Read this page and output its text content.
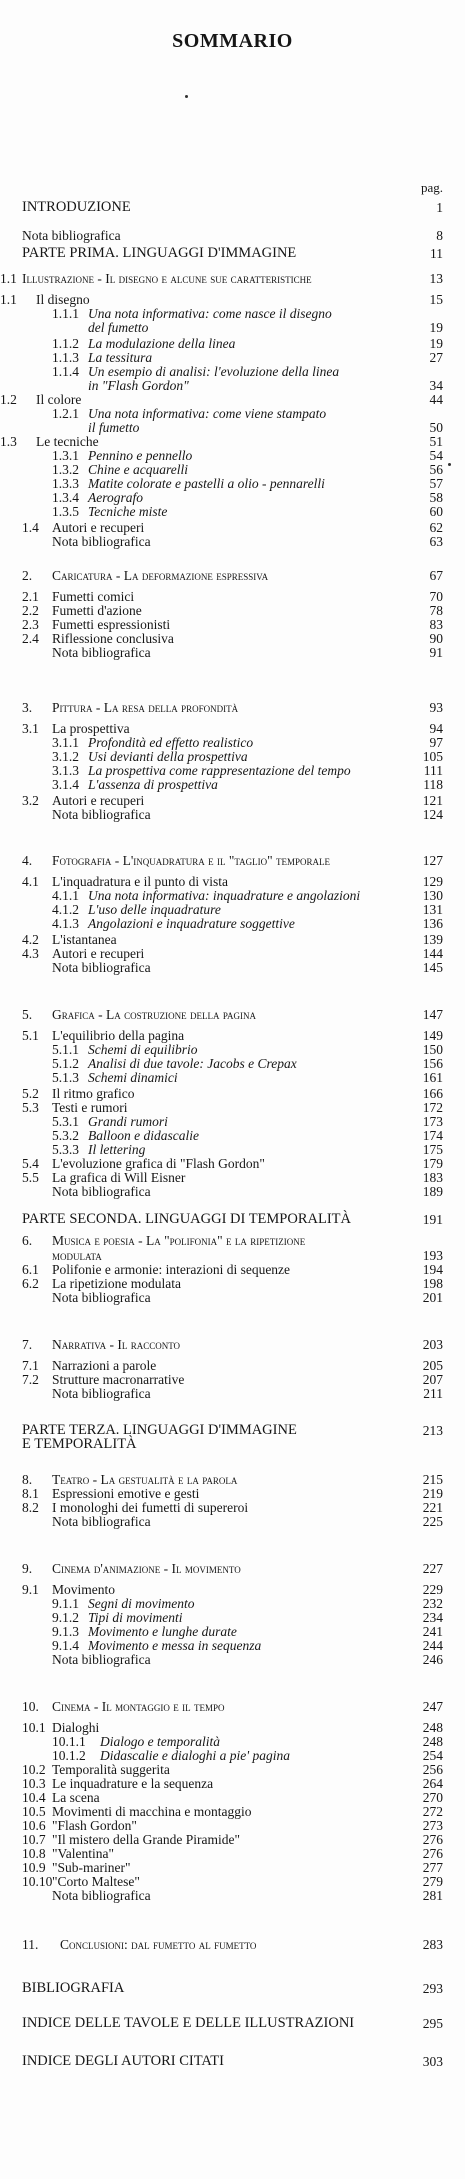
SOMMARIO
pag.
INTRODUZIONE	1
Nota bibliografica	8
PARTE PRIMA. LINGUAGGI D'IMMAGINE	11
1.1 Illustrazione - Il disegno e alcune sue caratteristiche	13
1.1 Il disegno	15
1.1.1 Una nota informativa: come nasce il disegno
del fumetto	19
1.1.2 La modulazione della linea	19
1.1.3 La tessitura	27
1.1.4 Un esempio di analisi: l'evoluzione della linea
in "Flash Gordon"	34
1.2 Il colore	44
1.2.1 Una nota informativa: come viene stampato
il fumetto	50
1.3 Le tecniche	51
1.3.1 Pennino e pennello	54
1.3.2 Chine e acquarelli	56
1.3.3 Matite colorate e pastelli a olio - pennarelli	57
1.3.4 Aerografo	58
1.3.5 Tecniche miste	60
1.4 Autori e recuperi	62
Nota bibliografica	63
2. Caricatura - La deformazione espressiva	67
2.1 Fumetti comici	70
2.2 Fumetti d'azione	78
2.3 Fumetti espressionisti	83
2.4 Riflessione conclusiva	90
Nota bibliografica	91
3. Pittura - La resa della profondità	93
3.1 La prospettiva	94
3.1.1 Profondità ed effetto realistico	97
3.1.2 Usi devianti della prospettiva	105
3.1.3 La prospettiva come rappresentazione del tempo	111
3.1.4 L'assenza di prospettiva	118
3.2 Autori e recuperi	121
Nota bibliografica	124
4. Fotografia - L'inquadratura e il "taglio" temporale	127
4.1 L'inquadratura e il punto di vista	129
4.1.1 Una nota informativa: inquadrature e angolazioni	130
4.1.2 L'uso delle inquadrature	131
4.1.3 Angolazioni e inquadrature soggettive	136
4.2 L'istantanea	139
4.3 Autori e recuperi	144
Nota bibliografica	145
5. Grafica - La costruzione della pagina	147
5.1 L'equilibrio della pagina	149
5.1.1 Schemi di equilibrio	150
5.1.2 Analisi di due tavole: Jacobs e Crepax	156
5.1.3 Schemi dinamici	161
5.2 Il ritmo grafico	166
5.3 Testi e rumori	172
5.3.1 Grandi rumori	173
5.3.2 Balloon e didascalie	174
5.3.3 Il lettering	175
5.4 L'evoluzione grafica di "Flash Gordon"	179
5.5 La grafica di Will Eisner	183
Nota bibliografica	189
PARTE SECONDA. LINGUAGGI DI TEMPORALITÀ	191
6. Musica e poesia - La "polifonia" e la ripetizione
modulata	193
6.1 Polifonie e armonie: interazioni di sequenze	194
6.2 La ripetizione modulata	198
Nota bibliografica	201
7. Narrativa - Il racconto	203
7.1 Narrazioni a parole	205
7.2 Strutture macronarrative	207
Nota bibliografica	211
PARTE TERZA. LINGUAGGI D'IMMAGINE	213
E TEMPORALITÀ
8. Teatro - La gestualità e la parola	215
8.1 Espressioni emotive e gesti	219
8.2 I monologhi dei fumetti di supereroi	221
Nota bibliografica	225
9. Cinema d'animazione - Il movimento	227
9.1 Movimento	229
9.1.1 Segni di movimento	232
9.1.2 Tipi di movimenti	234
9.1.3 Movimento e lunghe durate	241
9.1.4 Movimento e messa in sequenza	244
Nota bibliografica	246
10. Cinema - Il montaggio e il tempo	247
10.1 Dialoghi	248
10.1.1 Dialogo e temporalità	248
10.1.2 Didascalie e dialoghi a pie' pagina	254
10.2 Temporalità suggerita	256
10.3 Le inquadrature e la sequenza	264
10.4 La scena	270
10.5 Movimenti di macchina e montaggio	272
10.6 "Flash Gordon"	273
10.7 "Il mistero della Grande Piramide"	276
10.8 "Valentina"	276
10.9 "Sub-mariner"	277
10.10 "Corto Maltese"	279
Nota bibliografica	281
11. Conclusioni: dal fumetto al fumetto	283
BIBLIOGRAFIA	293
INDICE DELLE TAVOLE E DELLE ILLUSTRAZIONI	295
INDICE DEGLI AUTORI CITATI	303
